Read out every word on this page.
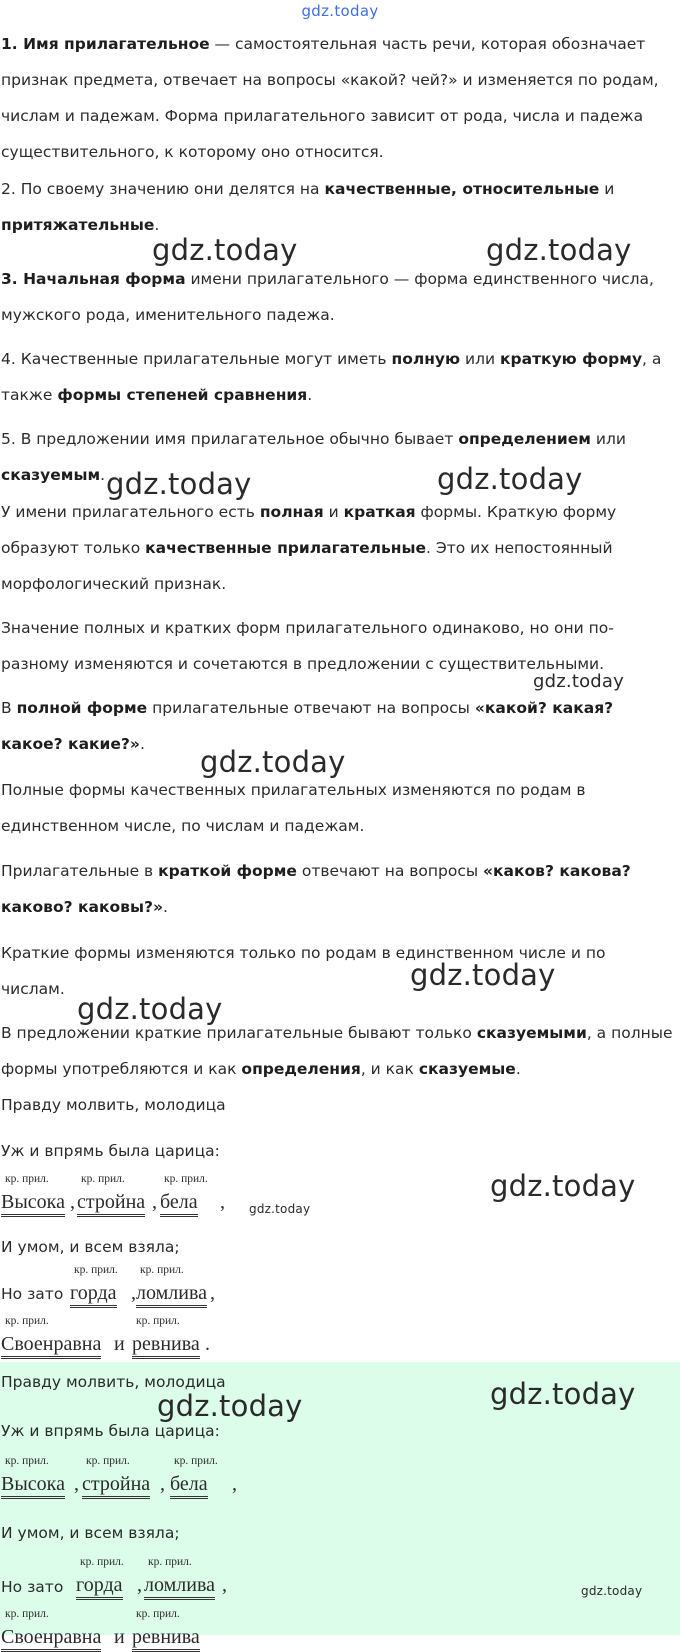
gdz.today

1. Имя прилагательное — самостоятельная часть речи, которая обозначает признак предмета, отвечает на вопросы «какой? чей?» и изменяется по родам, числам и падежам. Форма прилагательного зависит от рода, числа и падежа существительного, к которому оно относится.

2. По своему значению они делятся на качественные, относительные и притяжательные.

3. Начальная форма имени прилагательного — форма единственного числа, мужского рода, именительного падежа.

4. Качественные прилагательные могут иметь полную или краткую форму, а также формы степеней сравнения.

5. В предложении имя прилагательное обычно бывает определением или сказуемым.

У имени прилагательного есть полная и краткая формы. Краткую форму образуют только качественные прилагательные. Это их непостоянный морфологический признак.

Значение полных и кратких форм прилагательного одинаково, но они по-разному изменяются и сочетаются в предложении с существительными.

В полной форме прилагательные отвечают на вопросы «какой? какая? какое? какие?».

Полные формы качественных прилагательных изменяются по родам в единственном числе, по числам и падежам.

Прилагательные в краткой форме отвечают на вопросы «каков? какова? каково? каковы?».

Краткие формы изменяются только по родам в единственном числе и по числам.

В предложении краткие прилагательные бывают только сказуемыми, а полные формы употребляются и как определения, и как сказуемые.

Правду молвить, молодица
Уж и впрямь была царица:
кр. прил.
Высока ,
кр. прил.
стройна ,
кр. прил.
бела ,
И умом, и всем взяла;
Но зато
кр. прил.
горда ,
кр. прил.
ломлива ,
кр. прил.
Своенравна и
кр. прил.
ревнива .
Правду молвить, молодица
Уж и впрямь была царица:
кр. прил.
Высока ,
кр. прил.
стройна ,
кр. прил.
бела ,
И умом, и всем взяла;
Но зато
кр. прил.
горда ,
кр. прил.
ломлива ,
кр. прил.
Своенравна и
кр. прил.
ревнива
gdz.today	gdz.today
gdz.today	gdz.today
gdz.today
gdz.today
gdz.today
gdz.today
gdz.today
gdz.today
gdz.today
gdz.today
gdz.today
